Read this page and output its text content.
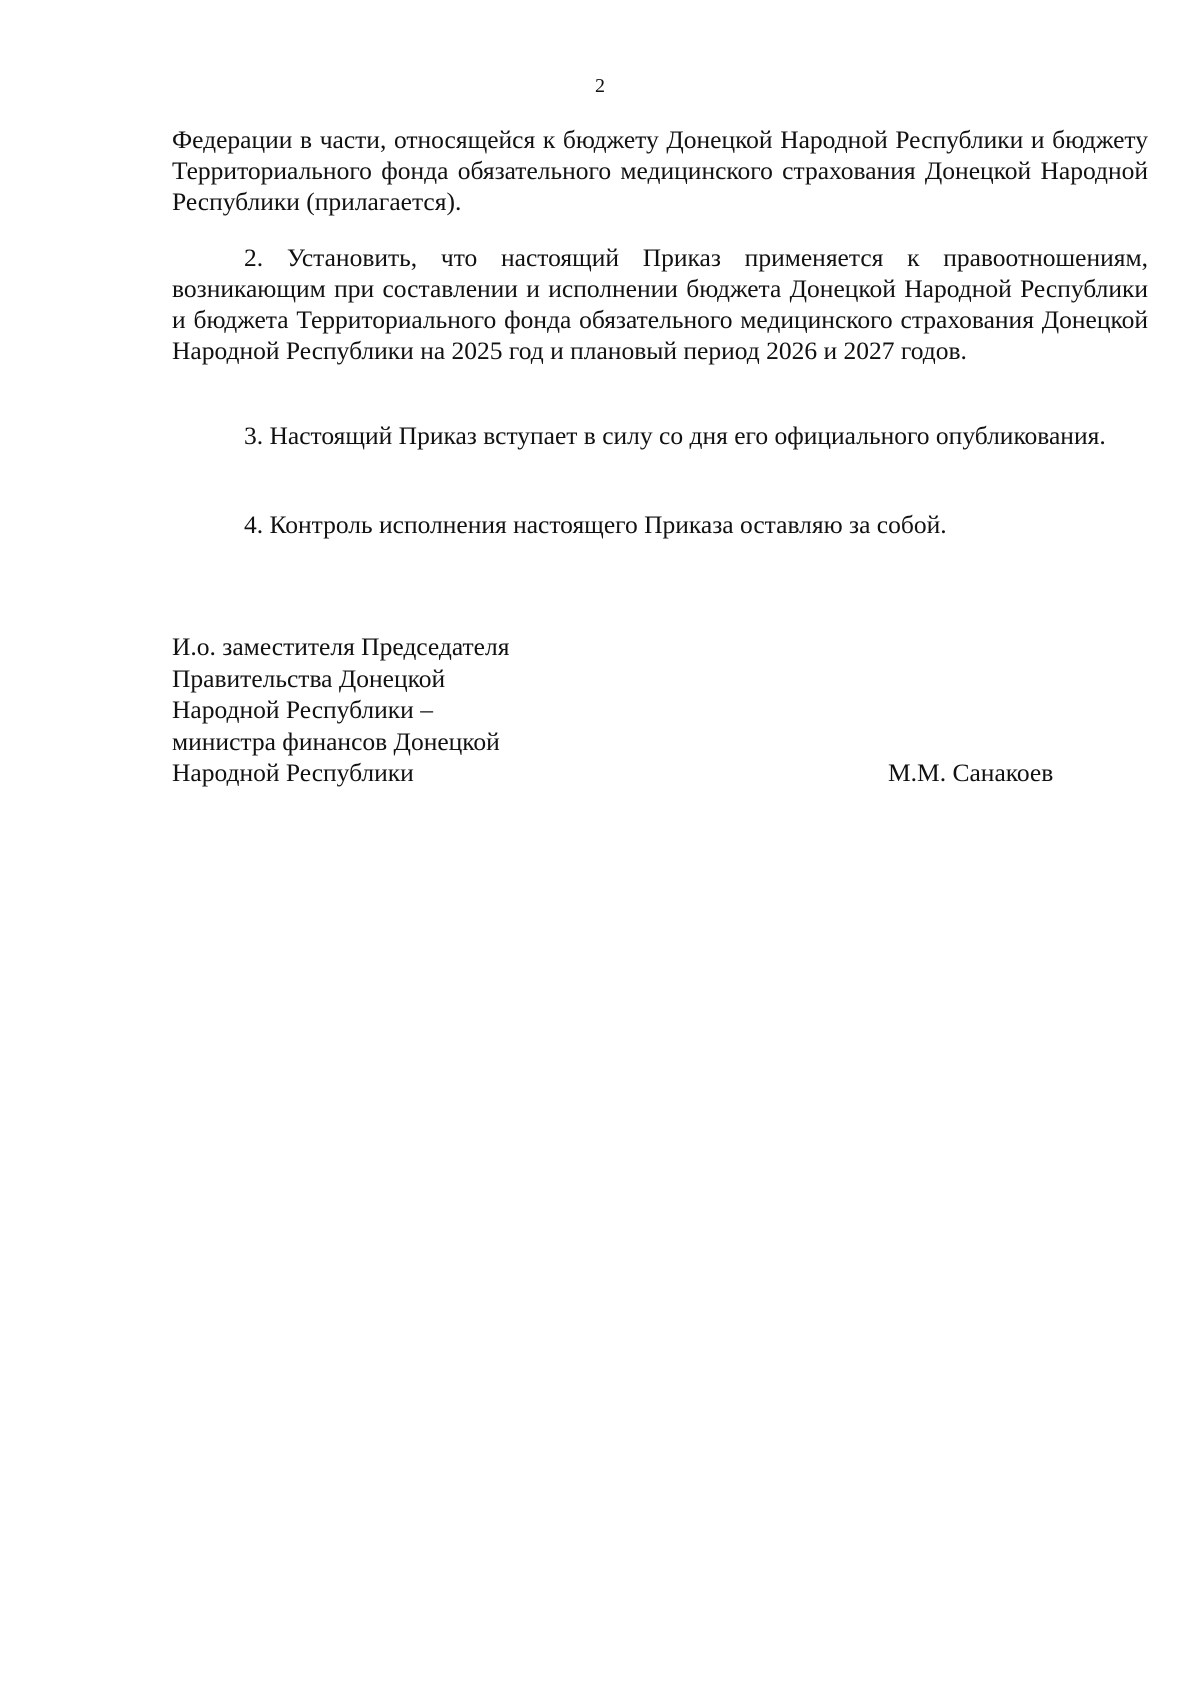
2

Федерации в части, относящейся к бюджету Донецкой Народной Республики и бюджету Территориального фонда обязательного медицинского страхования Донецкой Народной Республики (прилагается).

2. Установить, что настоящий Приказ применяется к правоотношениям, возникающим при составлении и исполнении бюджета Донецкой Народной Республики и бюджета Территориального фонда обязательного медицинского страхования Донецкой Народной Республики на 2025 год и плановый период 2026 и 2027 годов.

3. Настоящий Приказ вступает в силу со дня его официального опубликования.

4. Контроль исполнения настоящего Приказа оставляю за собой.

И.о. заместителя Председателя
Правительства Донецкой
Народной Республики –
министра финансов Донецкой
Народной Республики	М.М. Санакоев
